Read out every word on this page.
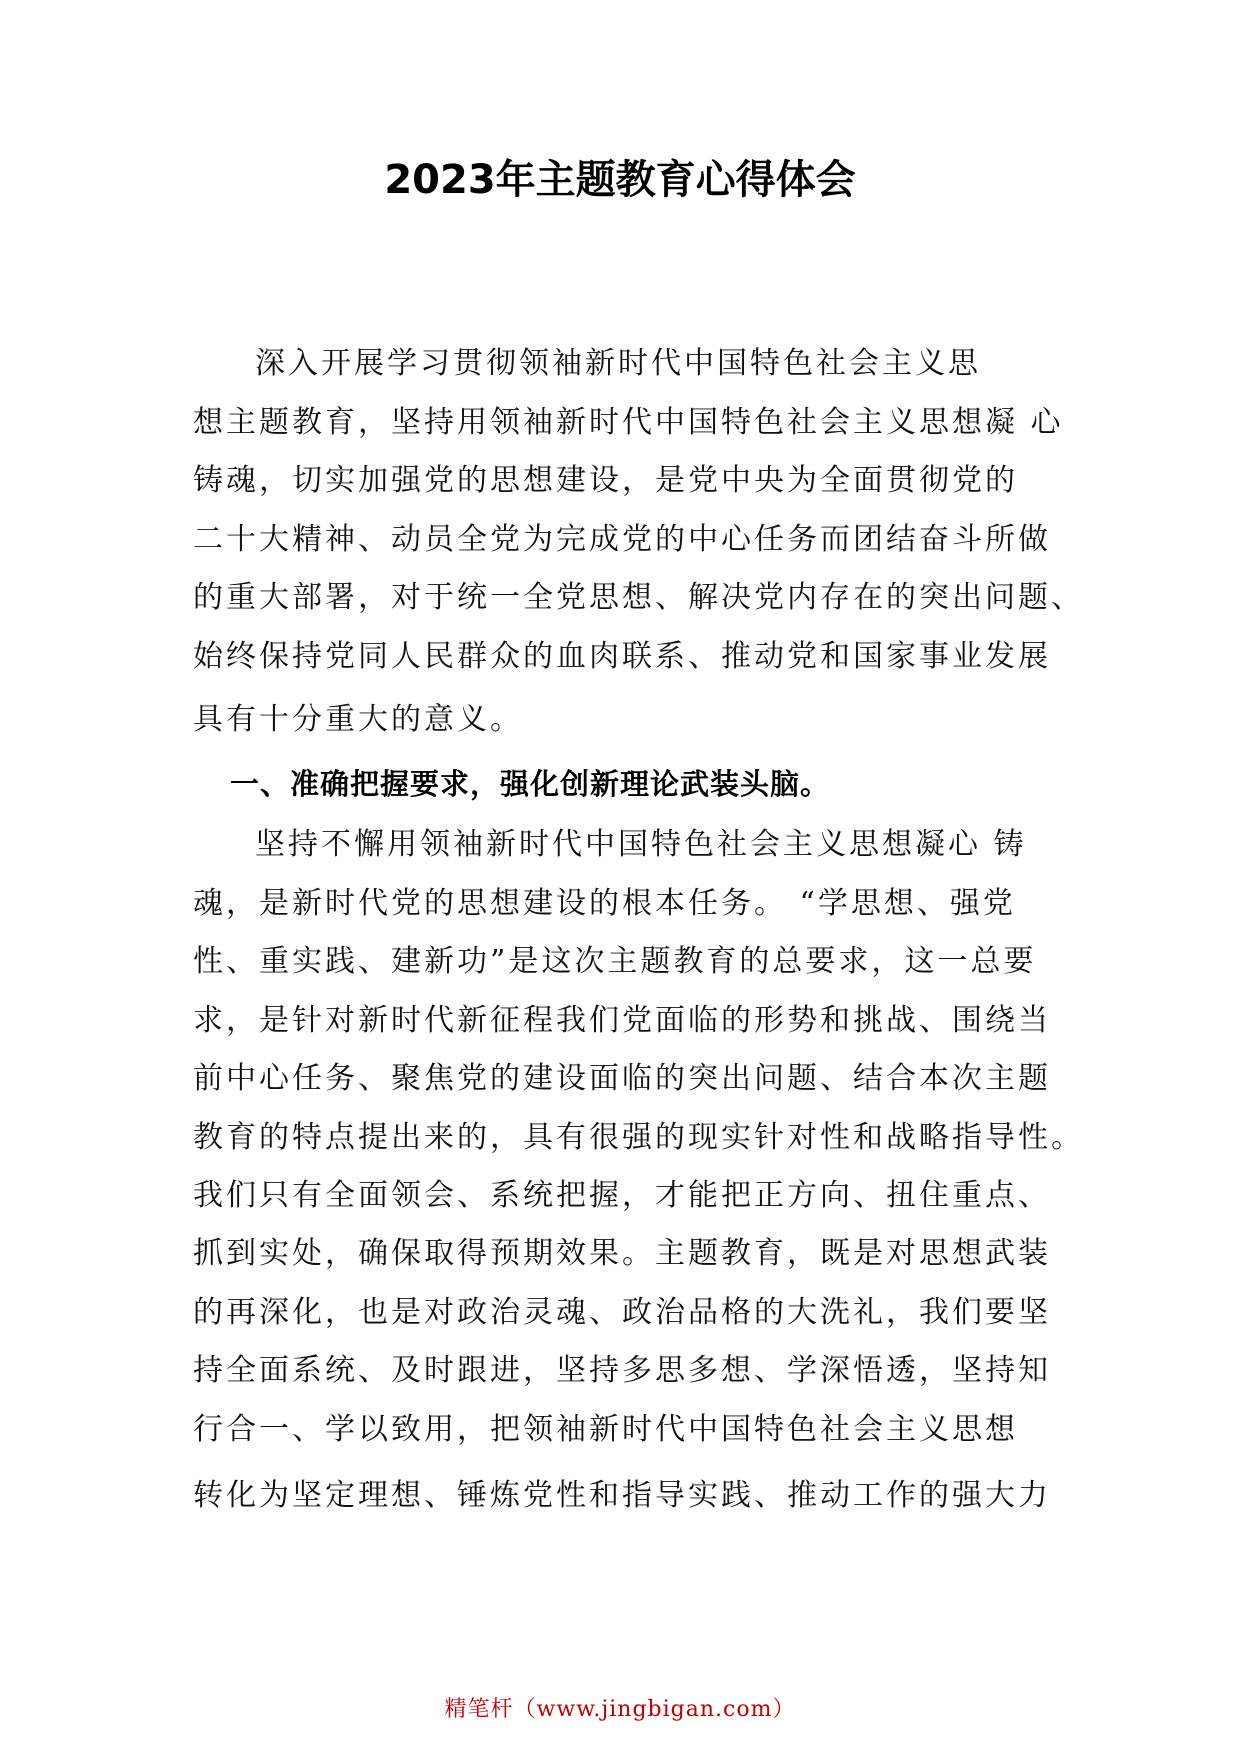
2023年主题教育心得体会
深入开展学习贯彻领袖新时代中国特色社会主义思
想主题教育，坚持用领袖新时代中国特色社会主义思想凝 心
铸魂，切实加强党的思想建设，是党中央为全面贯彻党的
二十大精神、动员全党为完成党的中心任务而团结奋斗所做
的重大部署，对于统一全党思想、解决党内存在的突出问题、
始终保持党同人民群众的血肉联系、推动党和国家事业发展
具有十分重大的意义。
一、准确把握要求，强化创新理论武装头脑。
坚持不懈用领袖新时代中国特色社会主义思想凝心 铸
魂，是新时代党的思想建设的根本任务。 “学思想、强党
性、重实践、建新功”是这次主题教育的总要求，这一总要
求，是针对新时代新征程我们党面临的形势和挑战、围绕当
前中心任务、聚焦党的建设面临的突出问题、结合本次主题
教育的特点提出来的，具有很强的现实针对性和战略指导性。
我们只有全面领会、系统把握，才能把正方向、扭住重点、
抓到实处，确保取得预期效果。主题教育，既是对思想武装
的再深化，也是对政治灵魂、政治品格的大洗礼，我们要坚
持全面系统、及时跟进，坚持多思多想、学深悟透，坚持知
行合一、学以致用，把领袖新时代中国特色社会主义思想
转化为坚定理想、锤炼党性和指导实践、推动工作的强大力
精笔杆（www.jingbigan.com）
